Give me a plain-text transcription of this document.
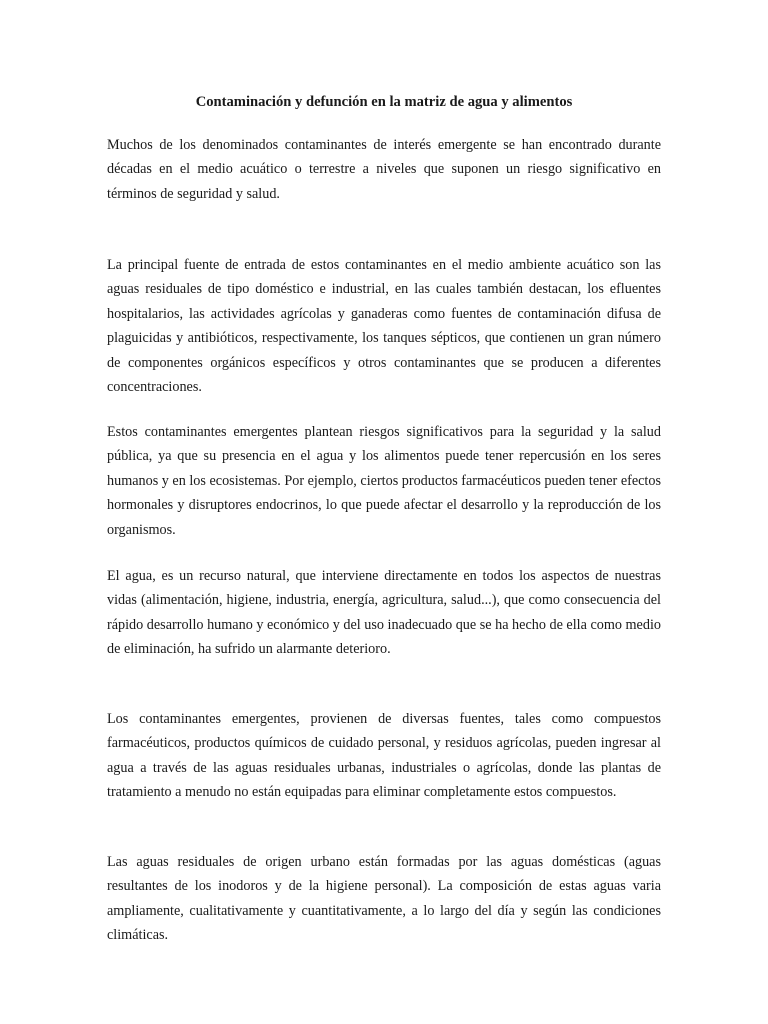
Contaminación y defunción en la matriz de agua y alimentos

Muchos de los denominados contaminantes de interés emergente se han encontrado durante décadas en el medio acuático o terrestre a niveles que suponen un riesgo significativo en términos de seguridad y salud.

La principal fuente de entrada de estos contaminantes en el medio ambiente acuático son las aguas residuales de tipo doméstico e industrial, en las cuales también destacan, los efluentes hospitalarios, las actividades agrícolas y ganaderas como fuentes de contaminación difusa de plaguicidas y antibióticos, respectivamente, los tanques sépticos, que contienen un gran número de componentes orgánicos específicos y otros contaminantes que se producen a diferentes concentraciones.

Estos contaminantes emergentes plantean riesgos significativos para la seguridad y la salud pública, ya que su presencia en el agua y los alimentos puede tener repercusión en los seres humanos y en los ecosistemas. Por ejemplo, ciertos productos farmacéuticos pueden tener efectos hormonales y disruptores endocrinos, lo que puede afectar el desarrollo y la reproducción de los organismos.

El agua, es un recurso natural, que interviene directamente en todos los aspectos de nuestras vidas (alimentación, higiene, industria, energía, agricultura, salud...), que como consecuencia del rápido desarrollo humano y económico y del uso inadecuado que se ha hecho de ella como medio de eliminación, ha sufrido un alarmante deterioro.

Los contaminantes emergentes, provienen de diversas fuentes, tales como compuestos farmacéuticos, productos químicos de cuidado personal, y residuos agrícolas, pueden ingresar al agua a través de las aguas residuales urbanas, industriales o agrícolas, donde las plantas de tratamiento a menudo no están equipadas para eliminar completamente estos compuestos.

Las aguas residuales de origen urbano están formadas por las aguas domésticas (aguas resultantes de los inodoros y de la higiene personal). La composición de estas aguas varia ampliamente, cualitativamente y cuantitativamente, a lo largo del día y según las condiciones climáticas.
